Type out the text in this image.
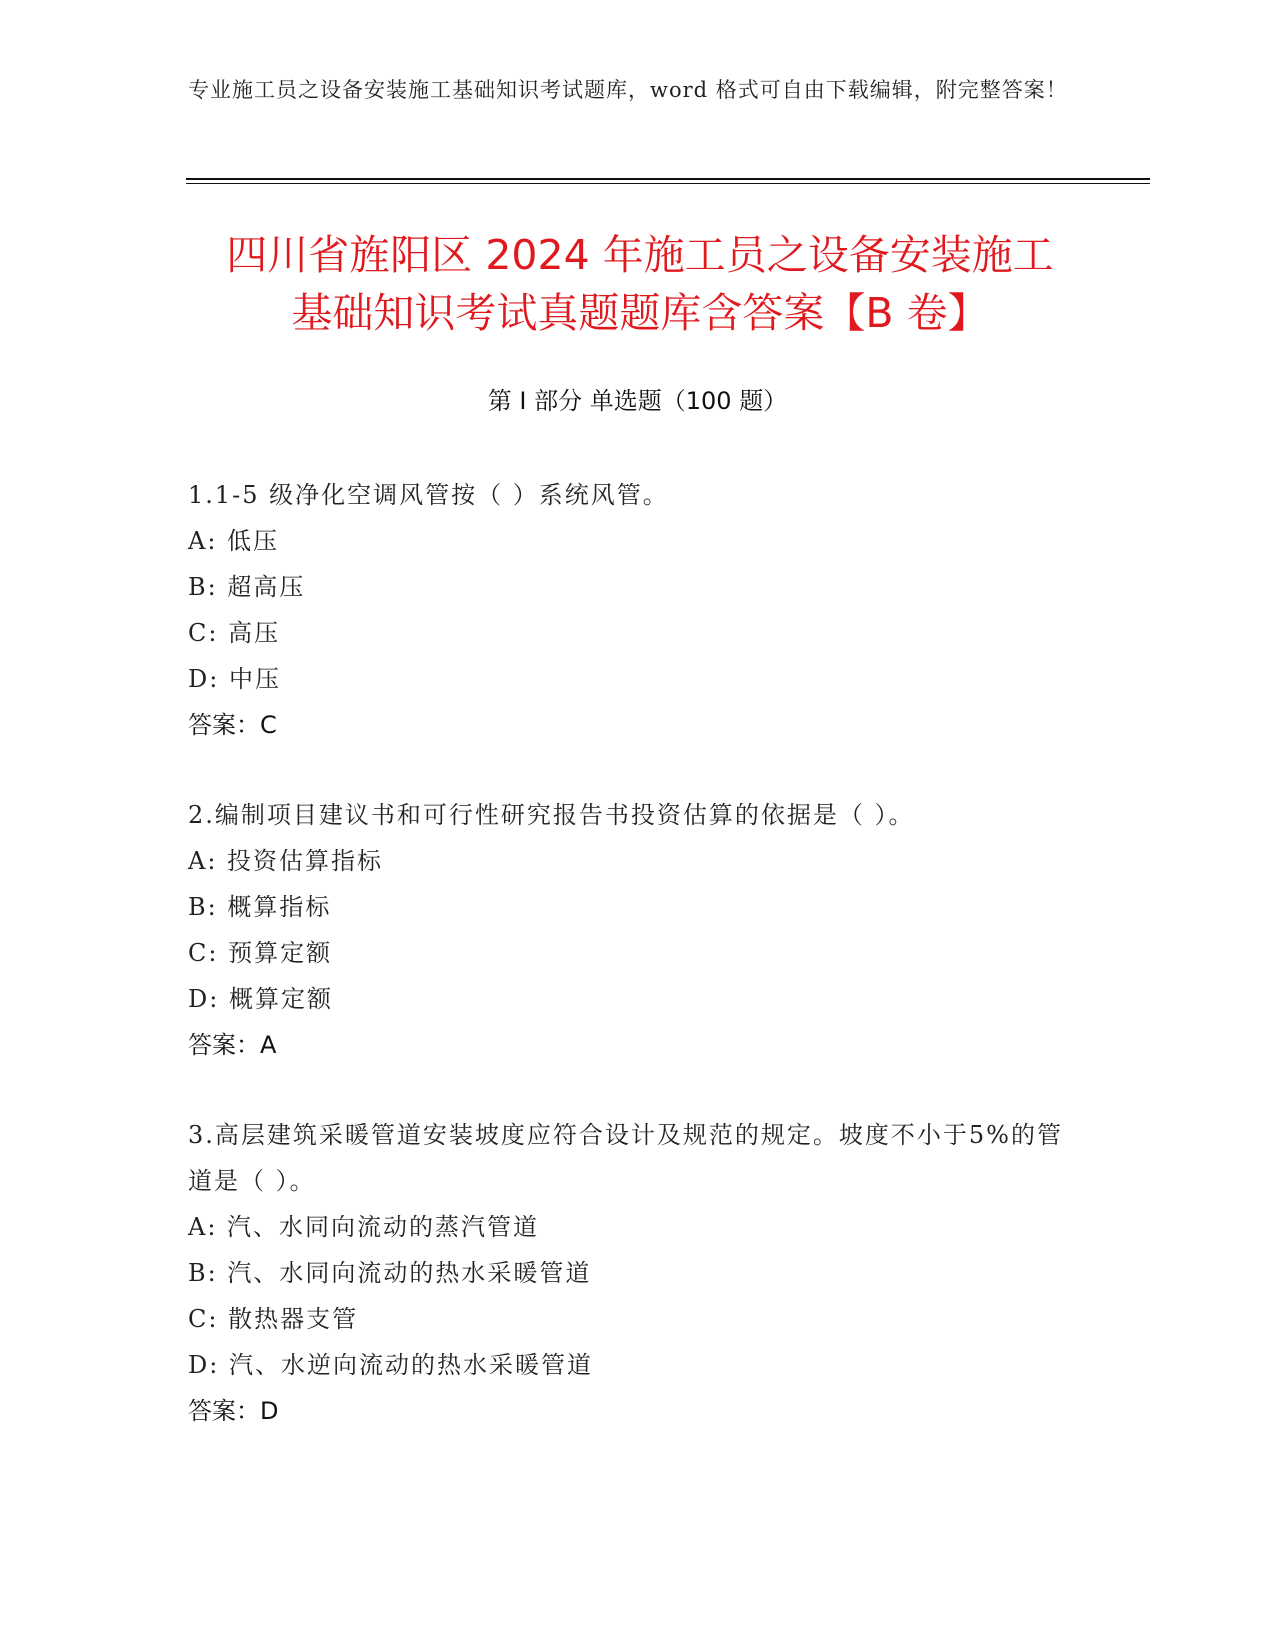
专业施工员之设备安装施工基础知识考试题库，word 格式可自由下载编辑，附完整答案！
四川省旌阳区 2024 年施工员之设备安装施工
基础知识考试真题题库含答案【B 卷】
第 I 部分 单选题（100 题）

1.1-5 级净化空调风管按（ ）系统风管。

A: 低压

B: 超高压

C: 高压

D: 中压

答案：C

2.编制项目建议书和可行性研究报告书投资估算的依据是（ ）。

A: 投资估算指标

B: 概算指标

C: 预算定额

D: 概算定额

答案：A

3.高层建筑采暖管道安装坡度应符合设计及规范的规定。坡度不小于5%的管道是（ ）。

A: 汽、水同向流动的蒸汽管道

B: 汽、水同向流动的热水采暖管道

C: 散热器支管

D: 汽、水逆向流动的热水采暖管道

答案：D
